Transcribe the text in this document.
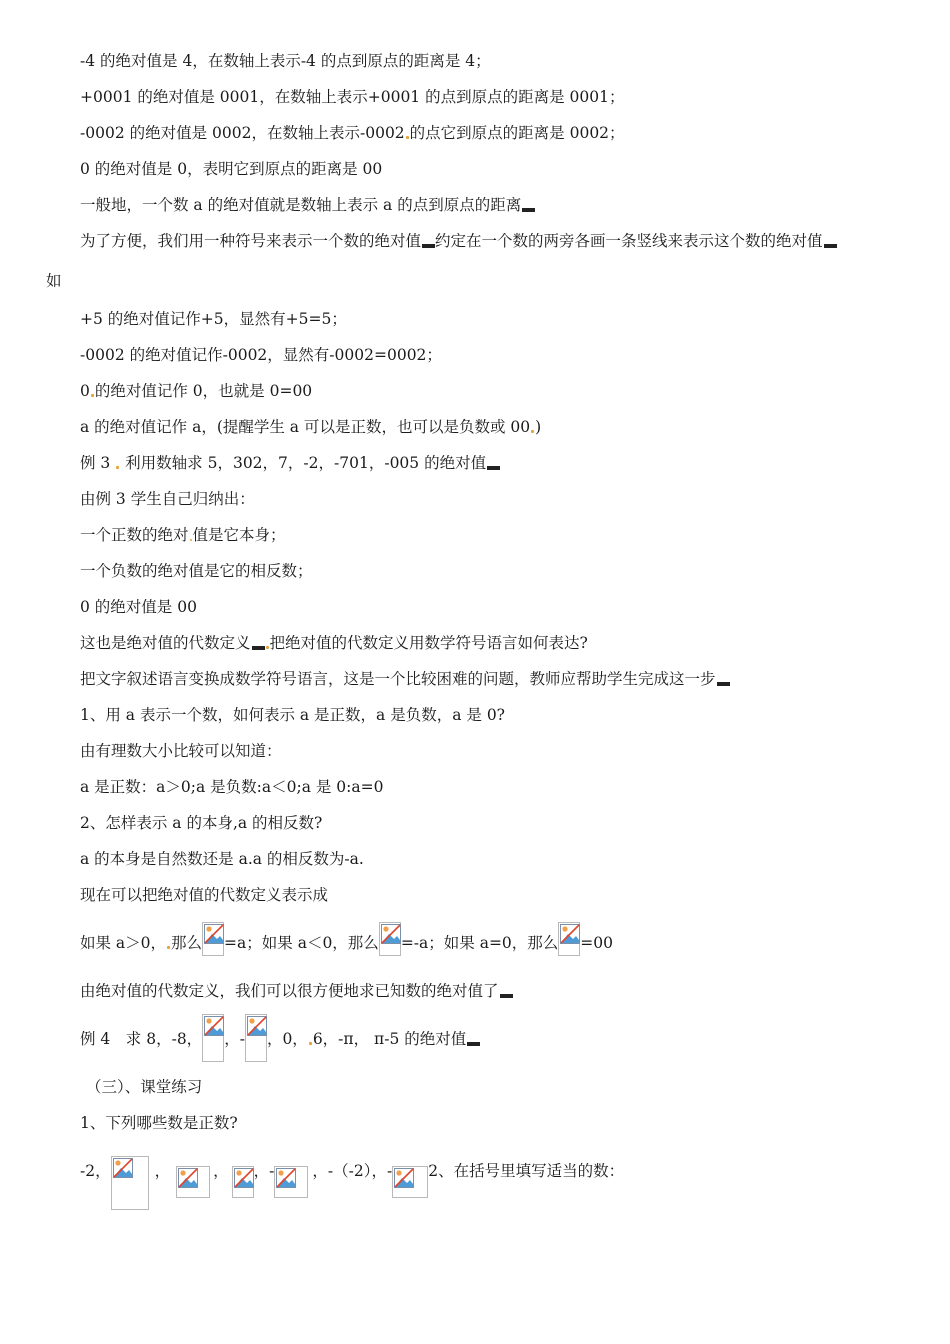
-4 的绝对值是 4，在数轴上表示-4 的点到原点的距离是 4；
+0001 的绝对值是 0001，在数轴上表示+0001 的点到原点的距离是 0001；
-0002 的绝对值是 0002，在数轴上表示-0002 的点它到原点的距离是 0002；
0 的绝对值是 0，表明它到原点的距离是 00
一般地，一个数 a 的绝对值就是数轴上表示 a 的点到原点的距离
为了方便，我们用一种符号来表示一个数的绝对值 约定在一个数的两旁各画一条竖线来表示这个数的绝对值
如
+5 的绝对值记作+5，显然有+5=5；
-0002 的绝对值记作-0002，显然有-0002=0002；
0 的绝对值记作 0，也就是 0=00
a 的绝对值记作 a，(提醒学生 a 可以是正数，也可以是负数或 00 )
例 3 利用数轴求 5，302，7，-2，-701，-005 的绝对值
由例 3 学生自己归纳出：
一个正数的绝对 值是它本身；
一个负数的绝对值是它的相反数；
0 的绝对值是 00
这也是绝对值的代数定义 把绝对值的代数定义用数学符号语言如何表达?
把文字叙述语言变换成数学符号语言，这是一个比较困难的问题，教师应帮助学生完成这一步
1、用 a 表示一个数，如何表示 a 是正数，a 是负数，a 是 0?
由有理数大小比较可以知道：
a 是正数：a＞0;a 是负数:a＜0;a 是 0:a=0
2、怎样表示 a 的本身,a 的相反数?
a 的本身是自然数还是 a.a 的相反数为-a.
现在可以把绝对值的代数定义表示成
如果 a＞0， 那么 =a；如果 a＜0，那么 =-a；如果 a=0，那么 =00
由绝对值的代数定义，我们可以很方便地求已知数的绝对值了
例 4　求 8，-8， ，- ，0， 6，-π， π-5 的绝对值
（三）、课堂练习
1、下列哪些数是正数?
-2，	，	， ，- ，-（-2），- 2、在括号里填写适当的数：
